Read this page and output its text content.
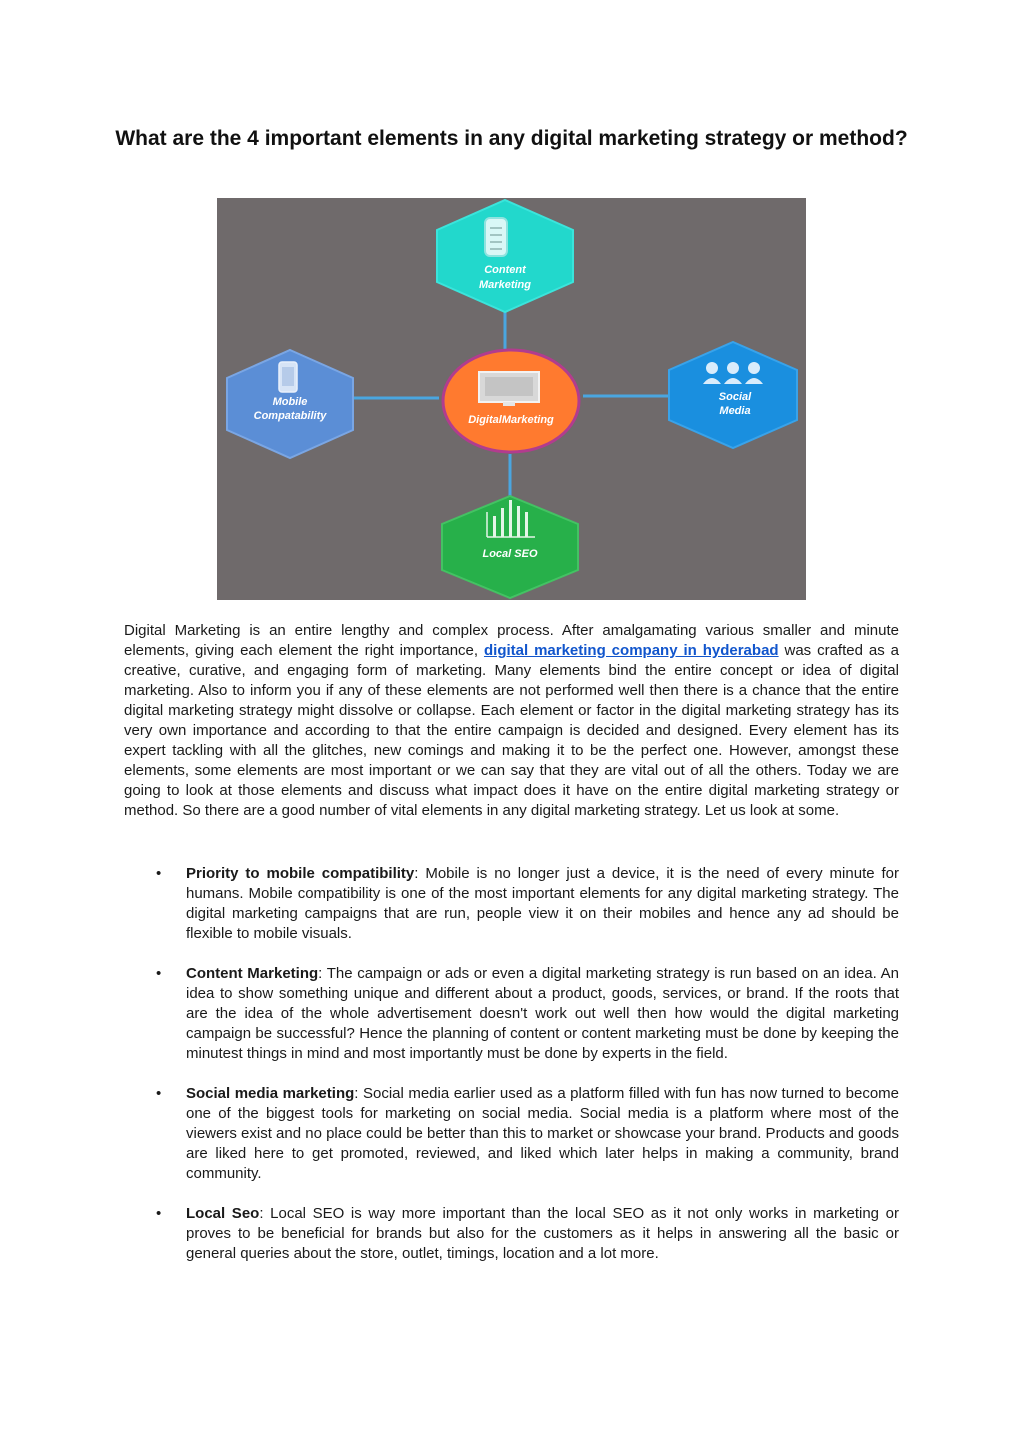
What are the 4 important elements in any digital marketing strategy or method?
Content
Marketing
Mobile
Compatability
Social
Media
Local SEO
DigitalMarketing

Digital Marketing is an entire lengthy and complex process. After amalgamating various smaller and minute elements, giving each element the right importance, digital marketing company in hyderabad was crafted as a creative, curative, and engaging form of marketing. Many elements bind the entire concept or idea of digital marketing. Also to inform you if any of these elements are not performed well then there is a chance that the entire digital marketing strategy might dissolve or collapse. Each element or factor in the digital marketing strategy has its very own importance and according to that the entire campaign is decided and designed. Every element has its expert tackling with all the glitches, new comings and making it to be the perfect one. However, amongst these elements, some elements are most important or we can say that they are vital out of all the others. Today we are going to look at those elements and discuss what impact does it have on the entire digital marketing strategy or method. So there are a good number of vital elements in any digital marketing strategy. Let us look at some.

• Priority to mobile compatibility: Mobile is no longer just a device, it is the need of every minute for humans. Mobile compatibility is one of the most important elements for any digital marketing strategy. The digital marketing campaigns that are run, people view it on their mobiles and hence any ad should be flexible to mobile visuals.
• Content Marketing: The campaign or ads or even a digital marketing strategy is run based on an idea. An idea to show something unique and different about a product, goods, services, or brand. If the roots that are the idea of the whole advertisement doesn't work out well then how would the digital marketing campaign be successful? Hence the planning of content or content marketing must be done by keeping the minutest things in mind and most importantly must be done by experts in the field.
• Social media marketing: Social media earlier used as a platform filled with fun has now turned to become one of the biggest tools for marketing on social media. Social media is a platform where most of the viewers exist and no place could be better than this to market or showcase your brand. Products and goods are liked here to get promoted, reviewed, and liked which later helps in making a community, brand community.
• Local Seo: Local SEO is way more important than the local SEO as it not only works in marketing or proves to be beneficial for brands but also for the customers as it helps in answering all the basic or general queries about the store, outlet, timings, location and a lot more.
